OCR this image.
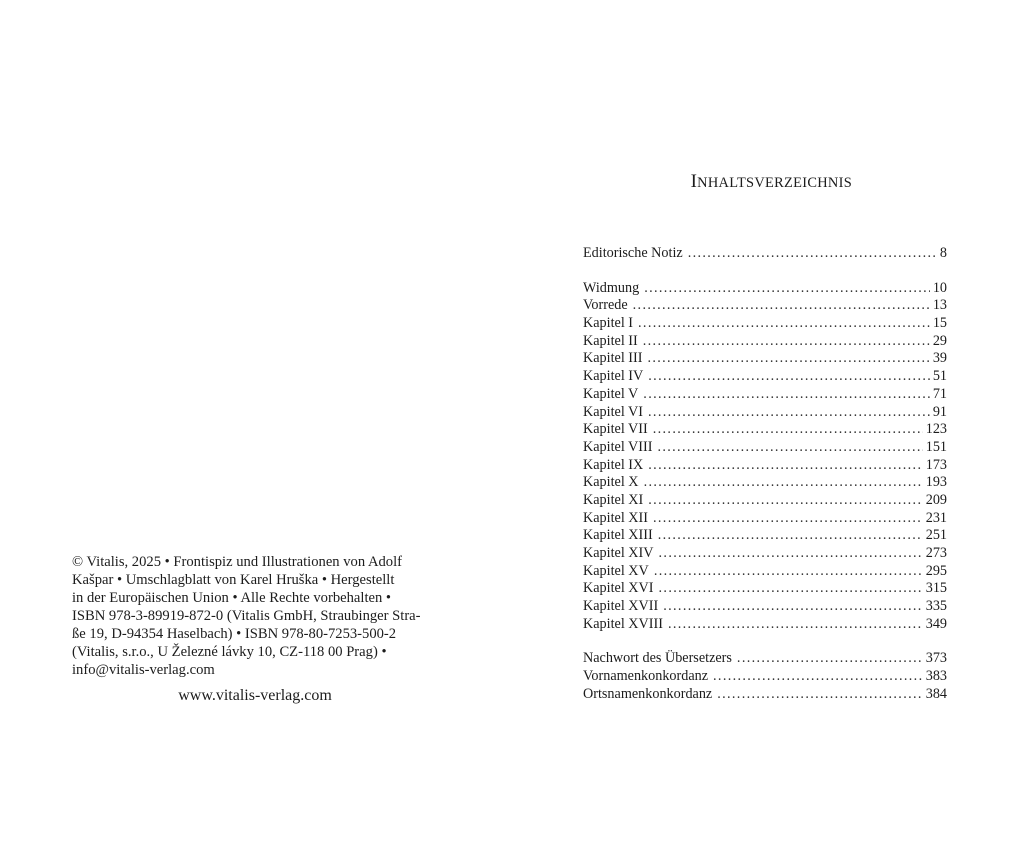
© Vitalis, 2025 • Frontispiz und Illustrationen von Adolf
Kašpar • Umschlagblatt von Karel Hruška • Hergestellt
in der Europäischen Union • Alle Rechte vorbehalten •
ISBN 978-3-89919-872-0 (Vitalis GmbH, Straubinger Stra-
ße 19, D-94354 Haselbach) • ISBN 978-80-7253-500-2
(Vitalis, s.r.o., U Železné lávky 10, CZ-118 00 Prag) •
info@vitalis-verlag.com
www.vitalis-verlag.com
INHALTSVERZEICHNIS
Editorische Notiz . . .	8
Widmung . . .	10
Vorrede . . .	13
Kapitel I . . .	15
Kapitel II . . .	29
Kapitel III . . .	39
Kapitel IV . . .	51
Kapitel V . . .	71
Kapitel VI . . .	91
Kapitel VII . . .	123
Kapitel VIII . . .	151
Kapitel IX . . .	173
Kapitel X . . .	193
Kapitel XI . . .	209
Kapitel XII . . .	231
Kapitel XIII . . .	251
Kapitel XIV . . .	273
Kapitel XV . . .	295
Kapitel XVI . . .	315
Kapitel XVII . . .	335
Kapitel XVIII . . .	349
Nachwort des Übersetzers . . .	373
Vornamenkonkordanz . . .	383
Ortsnamenkonkordanz . . .	384
